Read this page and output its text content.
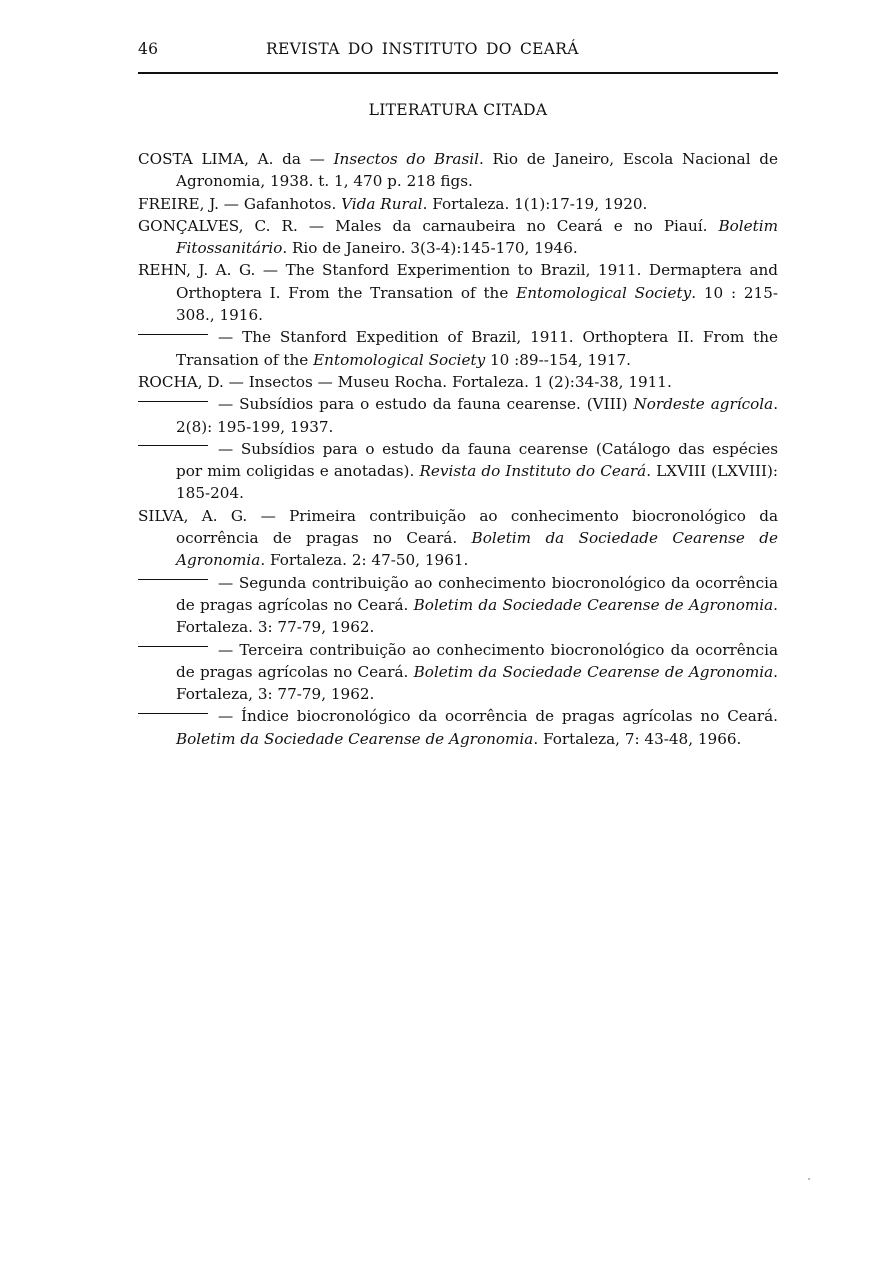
46	REVISTA DO INSTITUTO DO CEARÁ
LITERATURA CITADA

COSTA LIMA, A. da — Insectos do Brasil. Rio de Janeiro, Escola Nacional de Agronomia, 1938. t. 1, 470 p. 218 figs.

FREIRE, J. — Gafanhotos. Vida Rural. Fortaleza. 1(1):17-19, 1920.

GONÇALVES, C. R. — Males da carnaubeira no Ceará e no Piauí. Boletim Fitossanitário. Rio de Janeiro. 3(3-4):145-170, 1946.

REHN, J. A. G. — The Stanford Experimention to Brazil, 1911. Dermaptera and Orthoptera I. From the Transation of the Entomological Society. 10 : 215-308., 1916.

— The Stanford Expedition of Brazil, 1911. Orthoptera II. From the Transation of the Entomological Society 10 :89--154, 1917.

ROCHA, D. — Insectos — Museu Rocha. Fortaleza. 1 (2):34-38, 1911.

— Subsídios para o estudo da fauna cearense. (VIII) Nordeste agrícola. 2(8): 195-199, 1937.

— Subsídios para o estudo da fauna cearense (Catálogo das espécies por mim coligidas e anotadas). Revista do Instituto do Ceará. LXVIII (LXVIII): 185-204.

SILVA, A. G. — Primeira contribuição ao conhecimento biocronológico da ocorrência de pragas no Ceará. Boletim da Sociedade Cearense de Agronomia. Fortaleza. 2: 47-50, 1961.

— Segunda contribuição ao conhecimento biocronológico da ocorrência de pragas agrícolas no Ceará. Boletim da Sociedade Cearense de Agronomia. Fortaleza. 3: 77-79, 1962.

— Terceira contribuição ao conhecimento biocronológico da ocorrência de pragas agrícolas no Ceará. Boletim da Sociedade Cearense de Agronomia. Fortaleza, 3: 77-79, 1962.

— Índice biocronológico da ocorrência de pragas agrícolas no Ceará. Boletim da Sociedade Cearense de Agronomia. Fortaleza, 7: 43-48, 1966.
